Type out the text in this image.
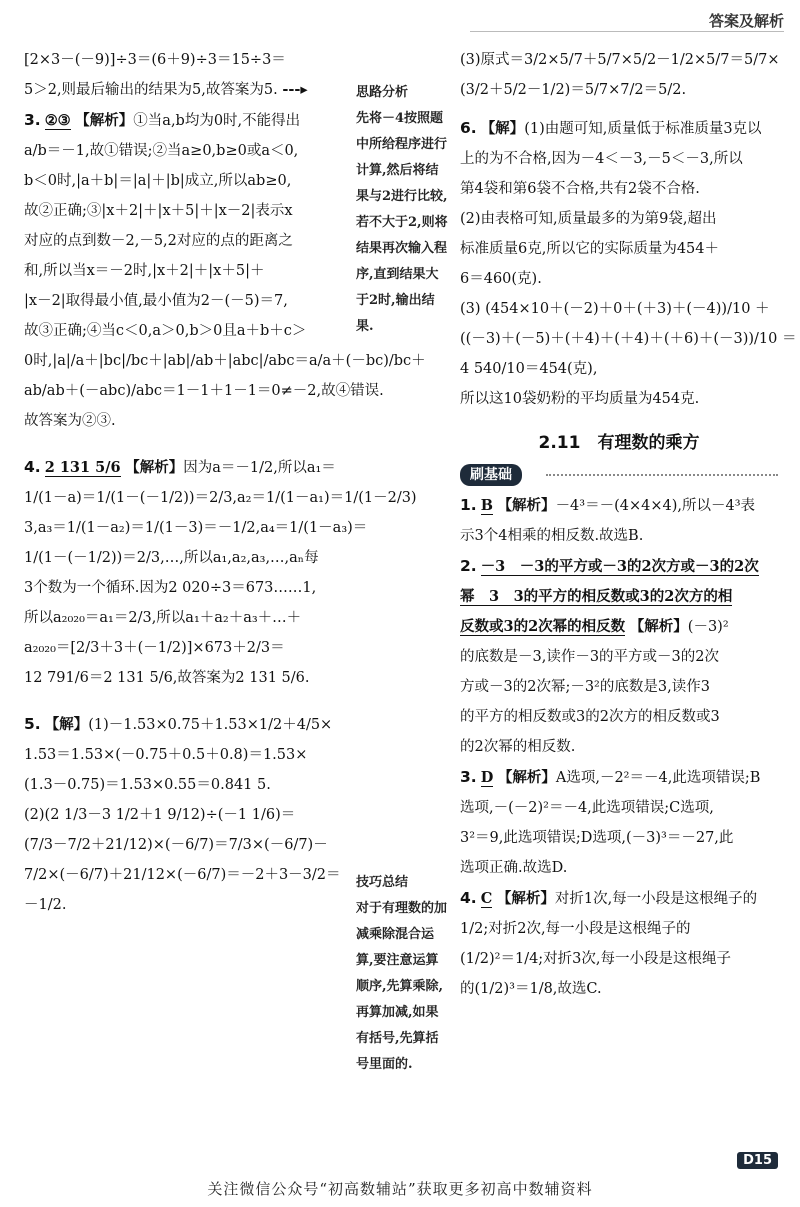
答案及解析
[2×3－(－9)]÷3＝(6＋9)÷3＝15÷3＝
5＞2,则最后输出的结果为5,故答案为5. ---▸
3. ②③ 【解析】①当a,b均为0时,不能得出
a/b＝－1,故①错误;②当a≥0,b≥0或a＜0,
b＜0时,|a＋b|＝|a|＋|b|成立,所以ab≥0,
故②正确;③|x＋2|＋|x＋5|＋|x－2|表示x
对应的点到数－2,－5,2对应的点的距离之
和,所以当x＝－2时,|x＋2|＋|x＋5|＋
|x－2|取得最小值,最小值为2－(－5)＝7,
故③正确;④当c＜0,a＞0,b＞0且a＋b＋c＞
0时,|a|/a＋|bc|/bc＋|ab|/ab＋|abc|/abc＝a/a＋(－bc)/bc＋
ab/ab＋(－abc)/abc＝1－1＋1－1＝0≠－2,故④错误.
故答案为②③.
4. 2 131 5/6 【解析】因为a＝－1/2,所以a₁＝
1/(1－a)＝1/(1－(－1/2))＝2/3,a₂＝1/(1－a₁)＝1/(1－2/3)
3,a₃＝1/(1－a₂)＝1/(1－3)＝－1/2,a₄＝1/(1－a₃)＝
1/(1－(－1/2))＝2/3,…,所以a₁,a₂,a₃,…,aₙ每
3个数为一个循环.因为2 020÷3＝673……1,
所以a₂₀₂₀＝a₁＝2/3,所以a₁＋a₂＋a₃＋…＋
a₂₀₂₀＝[2/3＋3＋(－1/2)]×673＋2/3＝
12 791/6＝2 131 5/6,故答案为2 131 5/6.
5. 【解】(1)－1.53×0.75＋1.53×1/2＋4/5×
1.53＝1.53×(－0.75＋0.5＋0.8)＝1.53×
(1.3－0.75)＝1.53×0.55＝0.841 5.
(2)(2 1/3－3 1/2＋1 9/12)÷(－1 1/6)＝
(7/3－7/2＋21/12)×(－6/7)＝7/3×(－6/7)－
7/2×(－6/7)＋21/12×(－6/7)＝－2＋3－3/2＝
－1/2.
思路分析
先将－4按照题中所给程序进行计算,然后将结果与2进行比较,若不大于2,则将结果再次输入程序,直到结果大于2时,输出结果.
技巧总结
对于有理数的加减乘除混合运算,要注意运算顺序,先算乘除,再算加减,如果有括号,先算括号里面的.
(3)原式＝3/2×5/7＋5/7×5/2－1/2×5/7＝5/7×
(3/2＋5/2－1/2)＝5/7×7/2＝5/2.
6. 【解】(1)由题可知,质量低于标准质量3克以
上的为不合格,因为－4＜－3,－5＜－3,所以
第4袋和第6袋不合格,共有2袋不合格.
(2)由表格可知,质量最多的为第9袋,超出
标准质量6克,所以它的实际质量为454＋
6＝460(克).
(3) (454×10＋(－2)＋0＋(＋3)＋(－4))/10 ＋
((－3)＋(－5)＋(＋4)＋(＋4)＋(＋6)＋(－3))/10 ＝
4 540/10＝454(克),
所以这10袋奶粉的平均质量为454克.
2.11　有理数的乘方
刷基础
1. B 【解析】－4³＝－(4×4×4),所以－4³表
示3个4相乘的相反数.故选B.
2. －3　－3的平方或－3的2次方或－3的2次
幂　3　3的平方的相反数或3的2次方的相
反数或3的2次幂的相反数 【解析】(－3)²
的底数是－3,读作－3的平方或－3的2次
方或－3的2次幂;－3²的底数是3,读作3
的平方的相反数或3的2次方的相反数或3
的2次幂的相反数.
3. D 【解析】A选项,－2²＝－4,此选项错误;B
选项,－(－2)²＝－4,此选项错误;C选项,
3²＝9,此选项错误;D选项,(－3)³＝－27,此
选项正确.故选D.
4. C 【解析】对折1次,每一小段是这根绳子的
1/2;对折2次,每一小段是这根绳子的
(1/2)²＝1/4;对折3次,每一小段是这根绳子
的(1/2)³＝1/8,故选C.
D15
关注微信公众号“初高数辅站”获取更多初高中数辅资料
